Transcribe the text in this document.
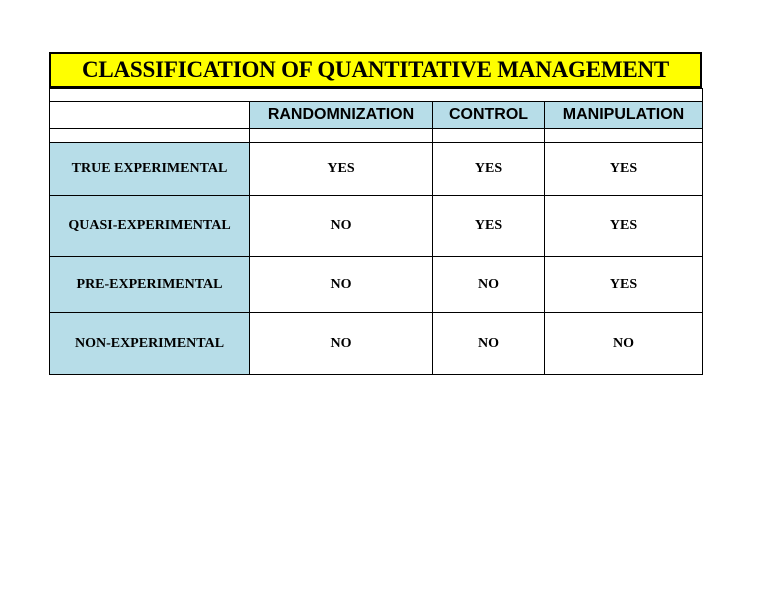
CLASSIFICATION OF QUANTITATIVE MANAGEMENT

	RANDOMNIZATION	CONTROL	MANIPULATION

TRUE EXPERIMENTAL	YES	YES	YES
QUASI-EXPERIMENTAL	NO	YES	YES
PRE-EXPERIMENTAL	NO	NO	YES
NON-EXPERIMENTAL	NO	NO	NO
